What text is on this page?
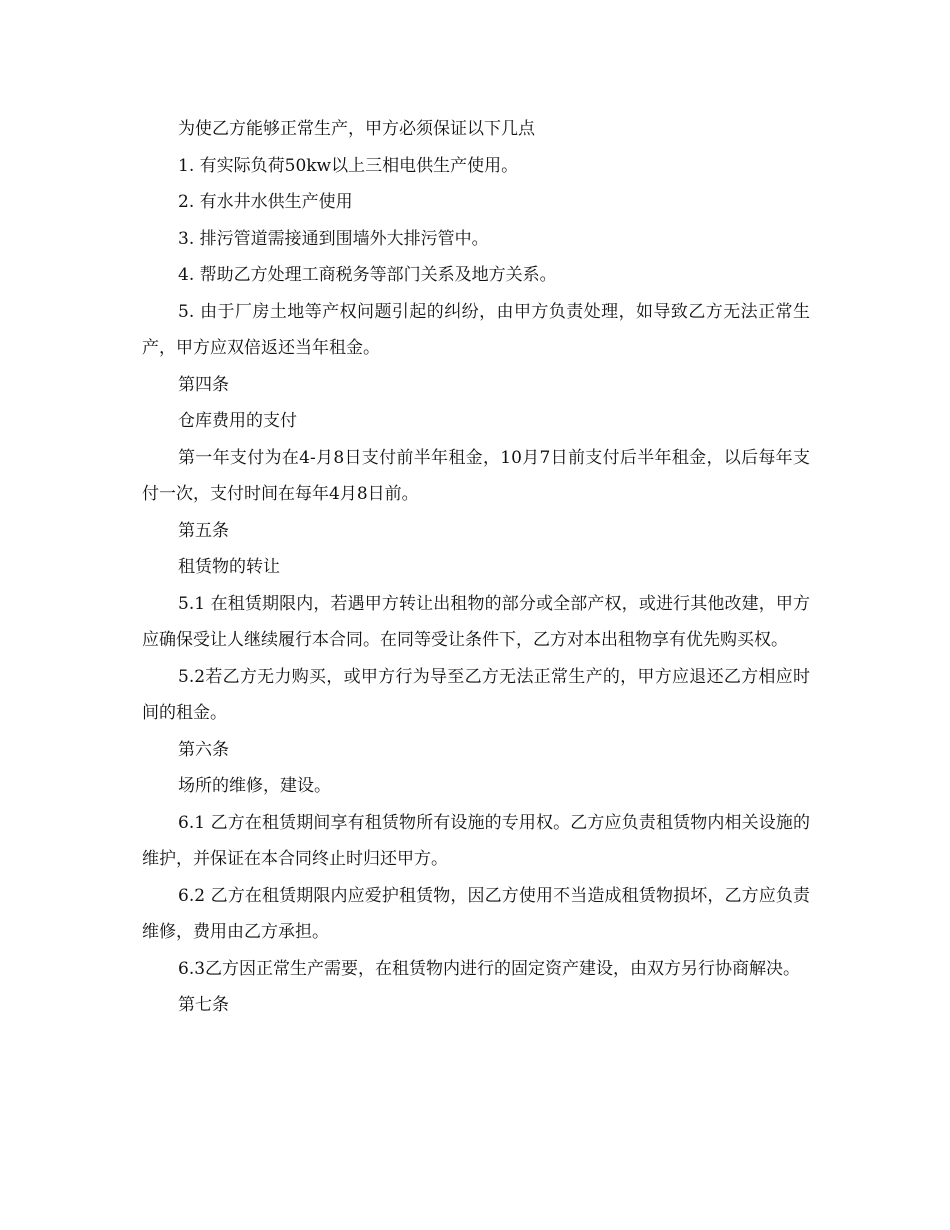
为使乙方能够正常生产，甲方必须保证以下几点

1. 有实际负荷50kw以上三相电供生产使用。

2. 有水井水供生产使用

3. 排污管道需接通到围墙外大排污管中。

4. 帮助乙方处理工商税务等部门关系及地方关系。

5. 由于厂房土地等产权问题引起的纠纷，由甲方负责处理，如导致乙方无法正常生产，甲方应双倍返还当年租金。

第四条

仓库费用的支付

第一年支付为在4-月8日支付前半年租金，10月7日前支付后半年租金，以后每年支付一次，支付时间在每年4月8日前。

第五条

租赁物的转让

5.1 在租赁期限内，若遇甲方转让出租物的部分或全部产权，或进行其他改建，甲方应确保受让人继续履行本合同。在同等受让条件下，乙方对本出租物享有优先购买权。

5.2若乙方无力购买，或甲方行为导至乙方无法正常生产的，甲方应退还乙方相应时间的租金。

第六条

场所的维修，建设。

6.1 乙方在租赁期间享有租赁物所有设施的专用权。乙方应负责租赁物内相关设施的维护，并保证在本合同终止时归还甲方。

6.2 乙方在租赁期限内应爱护租赁物，因乙方使用不当造成租赁物损坏，乙方应负责维修，费用由乙方承担。

6.3乙方因正常生产需要，在租赁物内进行的固定资产建设，由双方另行协商解决。

第七条
